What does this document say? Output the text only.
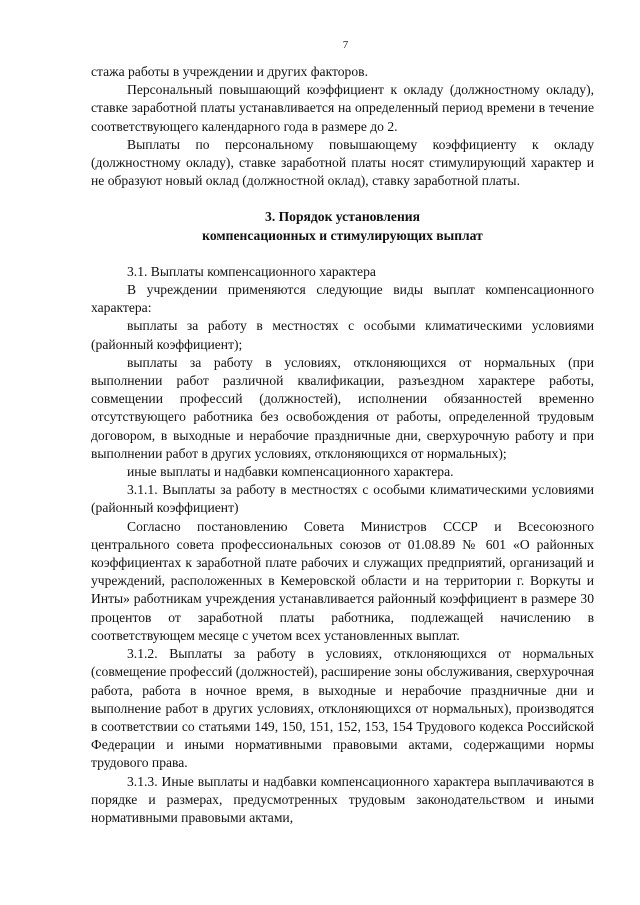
7

стажа работы в учреждении и других факторов.

Персональный повышающий коэффициент к окладу (должностному окладу), ставке заработной платы устанавливается на определенный период времени в течение соответствующего календарного года в размере до 2.

Выплаты по персональному повышающему коэффициенту к окладу (должностному окладу), ставке заработной платы носят стимулирующий характер и не образуют новый оклад (должностной оклад), ставку заработной платы.

3. Порядок установления
компенсационных и стимулирующих выплат

3.1. Выплаты компенсационного характера

В учреждении применяются следующие виды выплат компенсационного характера:

выплаты за работу в местностях с особыми климатическими условиями (районный коэффициент);

выплаты за работу в условиях, отклоняющихся от нормальных (при выполнении работ различной квалификации, разъездном характере работы, совмещении профессий (должностей), исполнении обязанностей временно отсутствующего работника без освобождения от работы, определенной трудовым договором, в выходные и нерабочие праздничные дни, сверхурочную работу и при выполнении работ в других условиях, отклоняющихся от нормальных);

иные выплаты и надбавки компенсационного характера.

3.1.1. Выплаты за работу в местностях с особыми климатическими условиями (районный коэффициент)

Согласно постановлению Совета Министров СССР и Всесоюзного центрального совета профессиональных союзов от 01.08.89 № 601 «О районных коэффициентах к заработной плате рабочих и служащих предприятий, организаций и учреждений, расположенных в Кемеровской области и на территории г. Воркуты и Инты» работникам учреждения устанавливается районный коэффициент в размере 30 процентов от заработной платы работника, подлежащей начислению в соответствующем месяце с учетом всех установленных выплат.

3.1.2. Выплаты за работу в условиях, отклоняющихся от нормальных (совмещение профессий (должностей), расширение зоны обслуживания, сверхурочная работа, работа в ночное время, в выходные и нерабочие праздничные дни и выполнение работ в других условиях, отклоняющихся от нормальных), производятся в соответствии со статьями 149, 150, 151, 152, 153, 154 Трудового кодекса Российской Федерации и иными нормативными правовыми актами, содержащими нормы трудового права.

3.1.3. Иные выплаты и надбавки компенсационного характера выплачиваются в порядке и размерах, предусмотренных трудовым законодательством и иными нормативными правовыми актами,
